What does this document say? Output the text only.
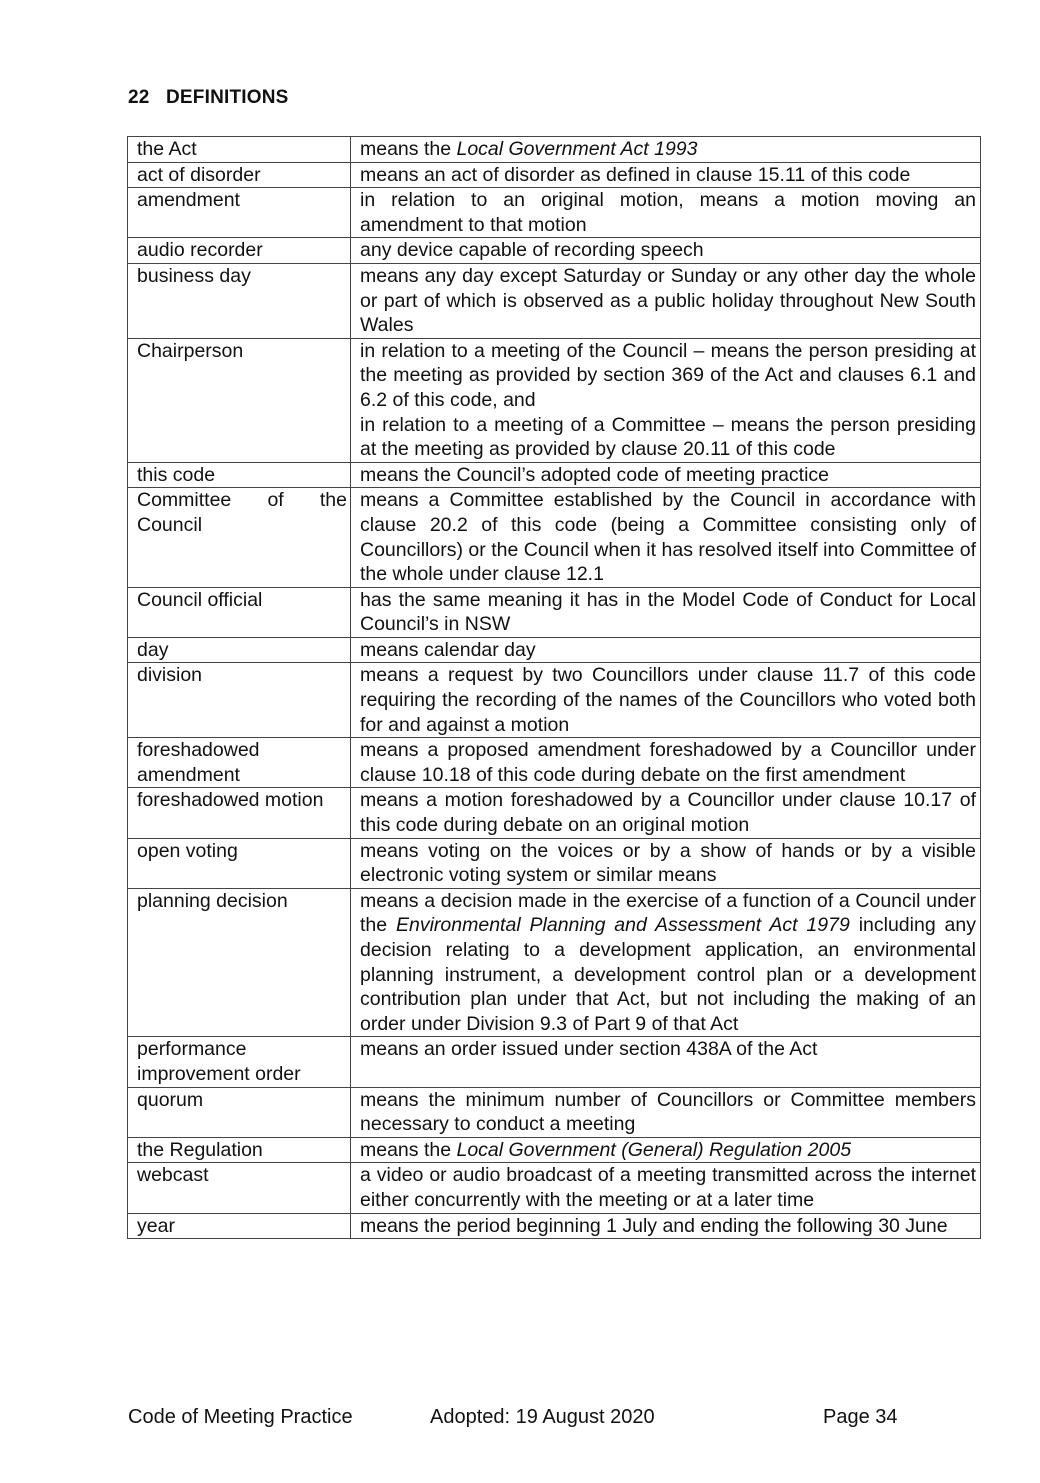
22 DEFINITIONS
the Act	means the Local Government Act 1993

act of disorder	means an act of disorder as defined in clause 15.11 of this code

amendment	in relation to an original motion, means a motion moving an amendment to that motion

audio recorder	any device capable of recording speech

business day	means any day except Saturday or Sunday or any other day the whole or part of which is observed as a public holiday throughout New South Wales

Chairperson	in relation to a meeting of the Council – means the person presiding at the meeting as provided by section 369 of the Act and clauses 6.1 and 6.2 of this code, and
in relation to a meeting of a Committee – means the person presiding at the meeting as provided by clause 20.11 of this code

this code	means the Council’s adopted code of meeting practice

Committee of the Council	means a Committee established by the Council in accordance with clause 20.2 of this code (being a Committee consisting only of Councillors) or the Council when it has resolved itself into Committee of the whole under clause 12.1

Council official	has the same meaning it has in the Model Code of Conduct for Local Council’s in NSW

day	means calendar day

division	means a request by two Councillors under clause 11.7 of this code requiring the recording of the names of the Councillors who voted both for and against a motion

foreshadowed amendment	means a proposed amendment foreshadowed by a Councillor under clause 10.18 of this code during debate on the first amendment

foreshadowed motion	means a motion foreshadowed by a Councillor under clause 10.17 of this code during debate on an original motion

open voting	means voting on the voices or by a show of hands or by a visible electronic voting system or similar means

planning decision	means a decision made in the exercise of a function of a Council under the Environmental Planning and Assessment Act 1979 including any decision relating to a development application, an environmental planning instrument, a development control plan or a development contribution plan under that Act, but not including the making of an order under Division 9.3 of Part 9 of that Act

performance improvement order	means an order issued under section 438A of the Act

quorum	means the minimum number of Councillors or Committee members necessary to conduct a meeting

the Regulation	means the Local Government (General) Regulation 2005

webcast	a video or audio broadcast of a meeting transmitted across the internet either concurrently with the meeting or at a later time

year	means the period beginning 1 July and ending the following 30 June
Code of Meeting Practice	Adopted: 19 August 2020	Page 34
